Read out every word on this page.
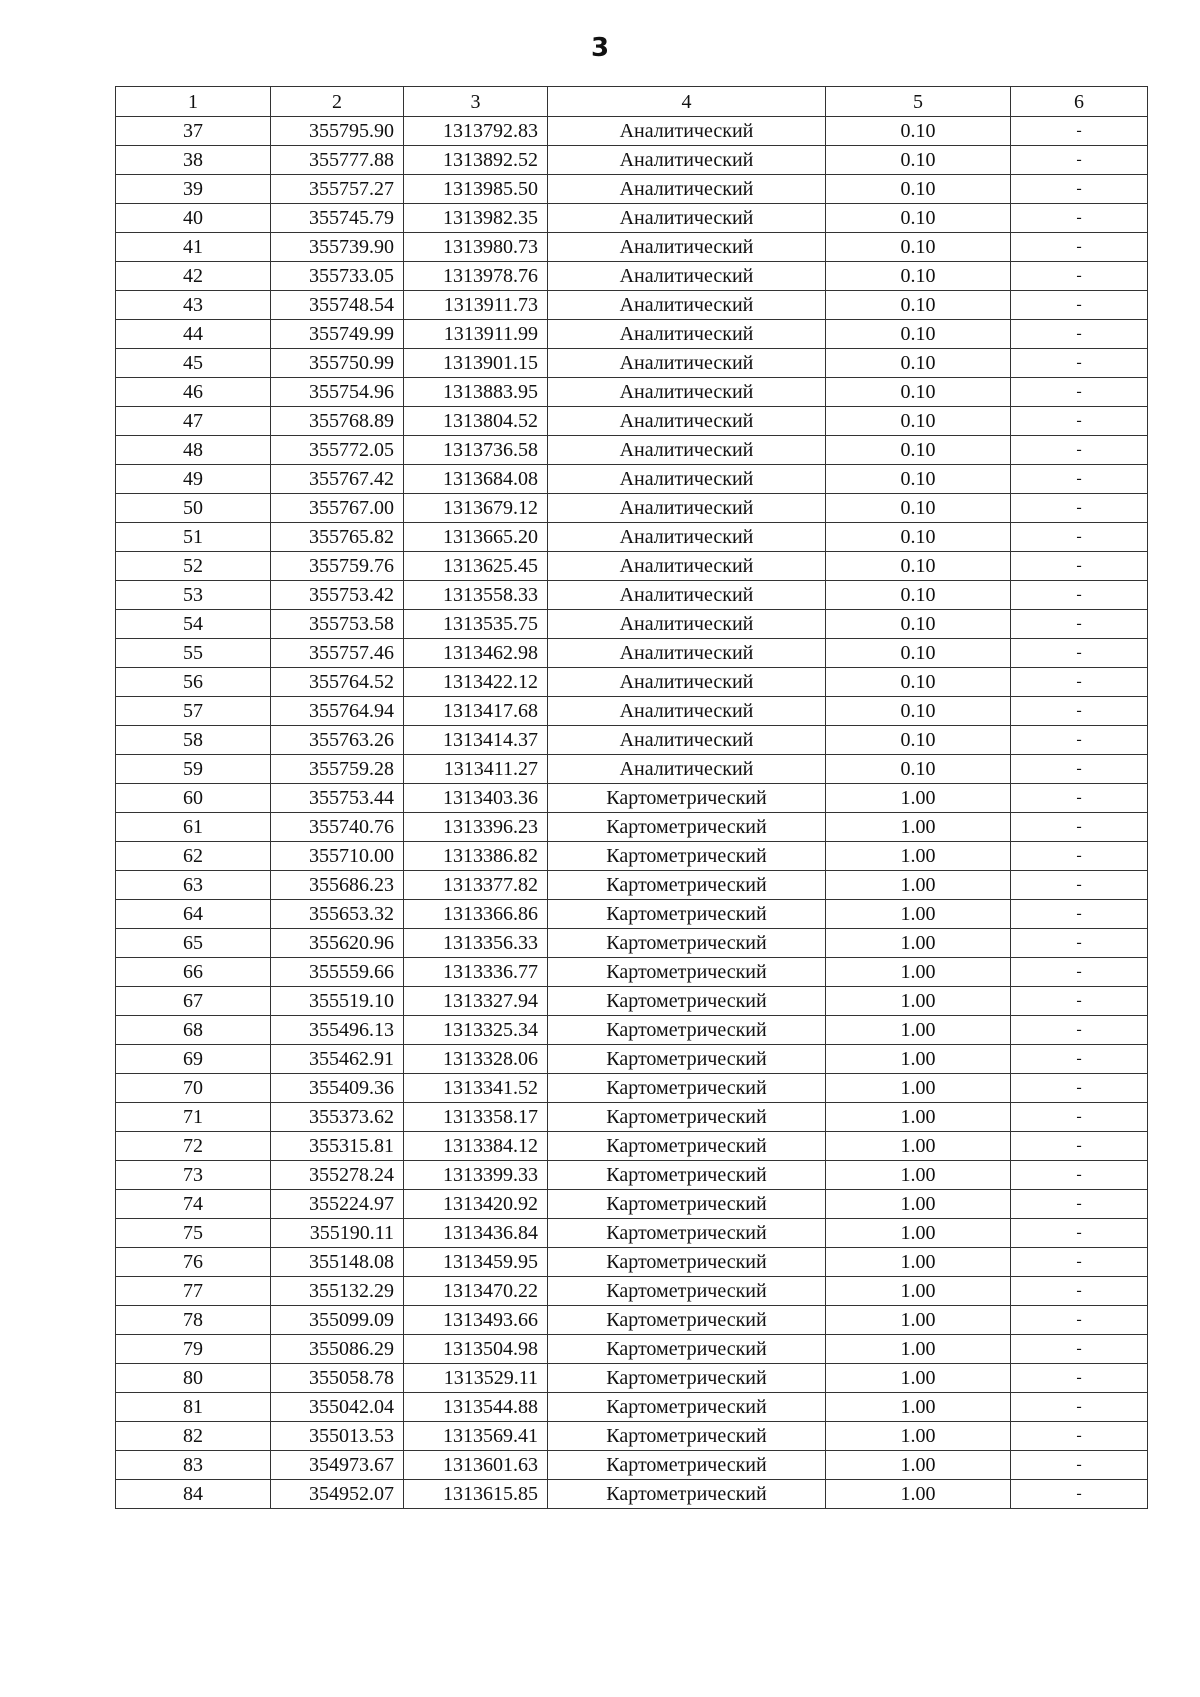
3
1	2	3	4	5	6
37	355795.90	1313792.83	Аналитический	0.10	-
38	355777.88	1313892.52	Аналитический	0.10	-
39	355757.27	1313985.50	Аналитический	0.10	-
40	355745.79	1313982.35	Аналитический	0.10	-
41	355739.90	1313980.73	Аналитический	0.10	-
42	355733.05	1313978.76	Аналитический	0.10	-
43	355748.54	1313911.73	Аналитический	0.10	-
44	355749.99	1313911.99	Аналитический	0.10	-
45	355750.99	1313901.15	Аналитический	0.10	-
46	355754.96	1313883.95	Аналитический	0.10	-
47	355768.89	1313804.52	Аналитический	0.10	-
48	355772.05	1313736.58	Аналитический	0.10	-
49	355767.42	1313684.08	Аналитический	0.10	-
50	355767.00	1313679.12	Аналитический	0.10	-
51	355765.82	1313665.20	Аналитический	0.10	-
52	355759.76	1313625.45	Аналитический	0.10	-
53	355753.42	1313558.33	Аналитический	0.10	-
54	355753.58	1313535.75	Аналитический	0.10	-
55	355757.46	1313462.98	Аналитический	0.10	-
56	355764.52	1313422.12	Аналитический	0.10	-
57	355764.94	1313417.68	Аналитический	0.10	-
58	355763.26	1313414.37	Аналитический	0.10	-
59	355759.28	1313411.27	Аналитический	0.10	-
60	355753.44	1313403.36	Картометрический	1.00	-
61	355740.76	1313396.23	Картометрический	1.00	-
62	355710.00	1313386.82	Картометрический	1.00	-
63	355686.23	1313377.82	Картометрический	1.00	-
64	355653.32	1313366.86	Картометрический	1.00	-
65	355620.96	1313356.33	Картометрический	1.00	-
66	355559.66	1313336.77	Картометрический	1.00	-
67	355519.10	1313327.94	Картометрический	1.00	-
68	355496.13	1313325.34	Картометрический	1.00	-
69	355462.91	1313328.06	Картометрический	1.00	-
70	355409.36	1313341.52	Картометрический	1.00	-
71	355373.62	1313358.17	Картометрический	1.00	-
72	355315.81	1313384.12	Картометрический	1.00	-
73	355278.24	1313399.33	Картометрический	1.00	-
74	355224.97	1313420.92	Картометрический	1.00	-
75	355190.11	1313436.84	Картометрический	1.00	-
76	355148.08	1313459.95	Картометрический	1.00	-
77	355132.29	1313470.22	Картометрический	1.00	-
78	355099.09	1313493.66	Картометрический	1.00	-
79	355086.29	1313504.98	Картометрический	1.00	-
80	355058.78	1313529.11	Картометрический	1.00	-
81	355042.04	1313544.88	Картометрический	1.00	-
82	355013.53	1313569.41	Картометрический	1.00	-
83	354973.67	1313601.63	Картометрический	1.00	-
84	354952.07	1313615.85	Картометрический	1.00	-
